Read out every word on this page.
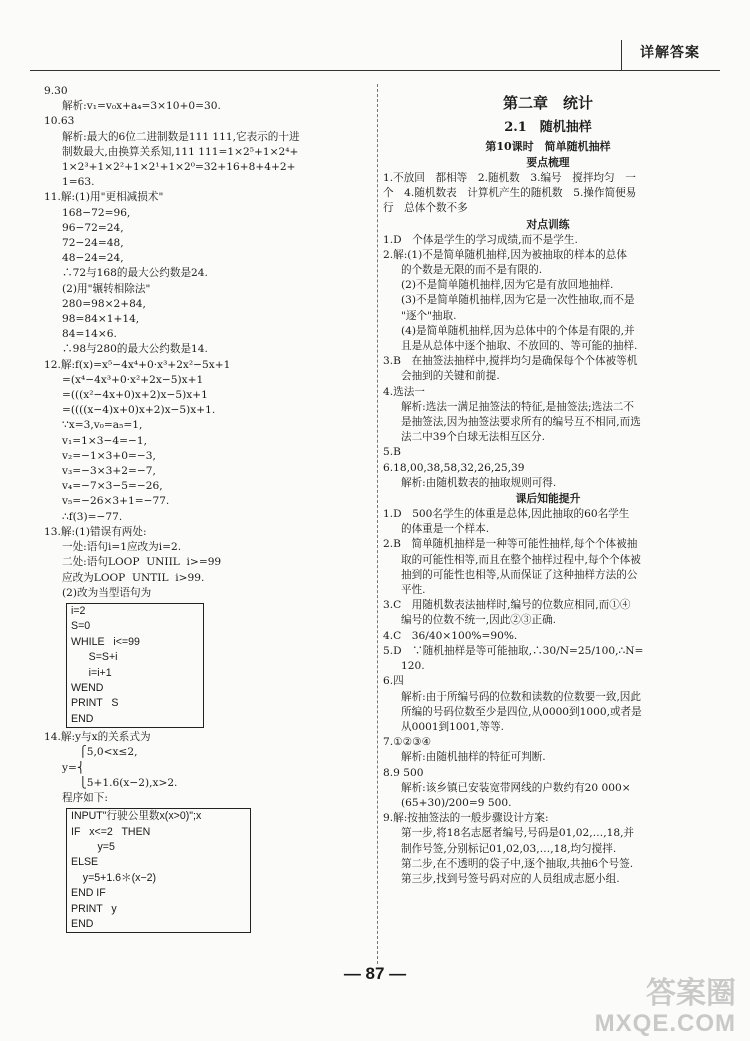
详解答案
9.30
解析:v₁=v₀x+a₄=3×10+0=30.
10.63
解析:最大的6位二进制数是111 111,它表示的十进
制数最大,由换算关系知,111 111=1×2⁵+1×2⁴+
1×2³+1×2²+1×2¹+1×2⁰=32+16+8+4+2+
1=63.
11.解:(1)用"更相减损术"
168−72=96,
96−72=24,
72−24=48,
48−24=24,
∴72与168的最大公约数是24.
(2)用"辗转相除法"
280=98×2+84,
98=84×1+14,
84=14×6.
∴98与280的最大公约数是14.
12.解:f(x)=x⁵−4x⁴+0·x³+2x²−5x+1
=(x⁴−4x³+0·x²+2x−5)x+1
=(((x²−4x+0)x+2)x−5)x+1
=((((x−4)x+0)x+2)x−5)x+1.
∵x=3,v₀=a₅=1,
v₁=1×3−4=−1,
v₂=−1×3+0=−3,
v₃=−3×3+2=−7,
v₄=−7×3−5=−26,
v₅=−26×3+1=−77.
∴f(3)=−77.
13.解:(1)错误有两处:
一处:语句i=1应改为i=2.
二处:语句LOOP  UNIIL  i>=99
应改为LOOP  UNTIL  i>99.
(2)改为当型语句为
i=2
S=0
WHILE   i<=99
S=S+i
i=i+1
WEND
PRINT   S
END
14.解:y与x的关系式为
⎧5,0<x≤2,
y=⎨
⎩5+1.6(x−2),x>2.
程序如下:
INPUT"行驶公里数x(x>0)";x
IF   x<=2   THEN
y=5
ELSE
y=5+1.6＊(x−2)
END IF
PRINT   y
END
第二章　统计
2.1　随机抽样
第10课时　简单随机抽样
要点梳理
1.不放回　都相等　2.随机数　3.编号　搅拌均匀　一
个　4.随机数表　计算机产生的随机数　5.操作简便易
行　总体个数不多
对点训练
1.D　个体是学生的学习成绩,而不是学生.
2.解:(1)不是简单随机抽样,因为被抽取的样本的总体
的个数是无限的而不是有限的.
(2)不是简单随机抽样,因为它是有放回地抽样.
(3)不是简单随机抽样,因为它是一次性抽取,而不是
"逐个"抽取.
(4)是简单随机抽样,因为总体中的个体是有限的,并
且是从总体中逐个抽取、不放回的、等可能的抽样.
3.B　在抽签法抽样中,搅拌均匀是确保每个个体被等机
会抽到的关键和前提.
4.选法一
解析:选法一满足抽签法的特征,是抽签法;选法二不
是抽签法,因为抽签法要求所有的编号互不相同,而选
法二中39个白球无法相互区分.
5.B
6.18,00,38,58,32,26,25,39
解析:由随机数表的抽取规则可得.
课后知能提升
1.D　500名学生的体重是总体,因此抽取的60名学生
的体重是一个样本.
2.B　简单随机抽样是一种等可能性抽样,每个个体被抽
取的可能性相等,而且在整个抽样过程中,每个个体被
抽到的可能性也相等,从而保证了这种抽样方法的公
平性.
3.C　用随机数表法抽样时,编号的位数应相同,而①④
编号的位数不统一,因此②③正确.
4.C　36/40×100%=90%.
5.D　∵随机抽样是等可能抽取,∴30/N=25/100,∴N=
120.
6.四
解析:由于所编号码的位数和读数的位数要一致,因此
所编的号码位数至少是四位,从0000到1000,或者是
从0001到1001,等等.
7.①②③④
解析:由随机抽样的特征可判断.
8.9 500
解析:该乡镇已安装宽带网线的户数约有20 000×
(65+30)/200=9 500.
9.解:按抽签法的一般步骤设计方案:
第一步,将18名志愿者编号,号码是01,02,…,18,并
制作号签,分别标记01,02,03,…,18,均匀搅拌.
第二步,在不透明的袋子中,逐个抽取,共抽6个号签.
第三步,找到号签号码对应的人员组成志愿小组.
— 87 —
答案圈
MXQE.COM
